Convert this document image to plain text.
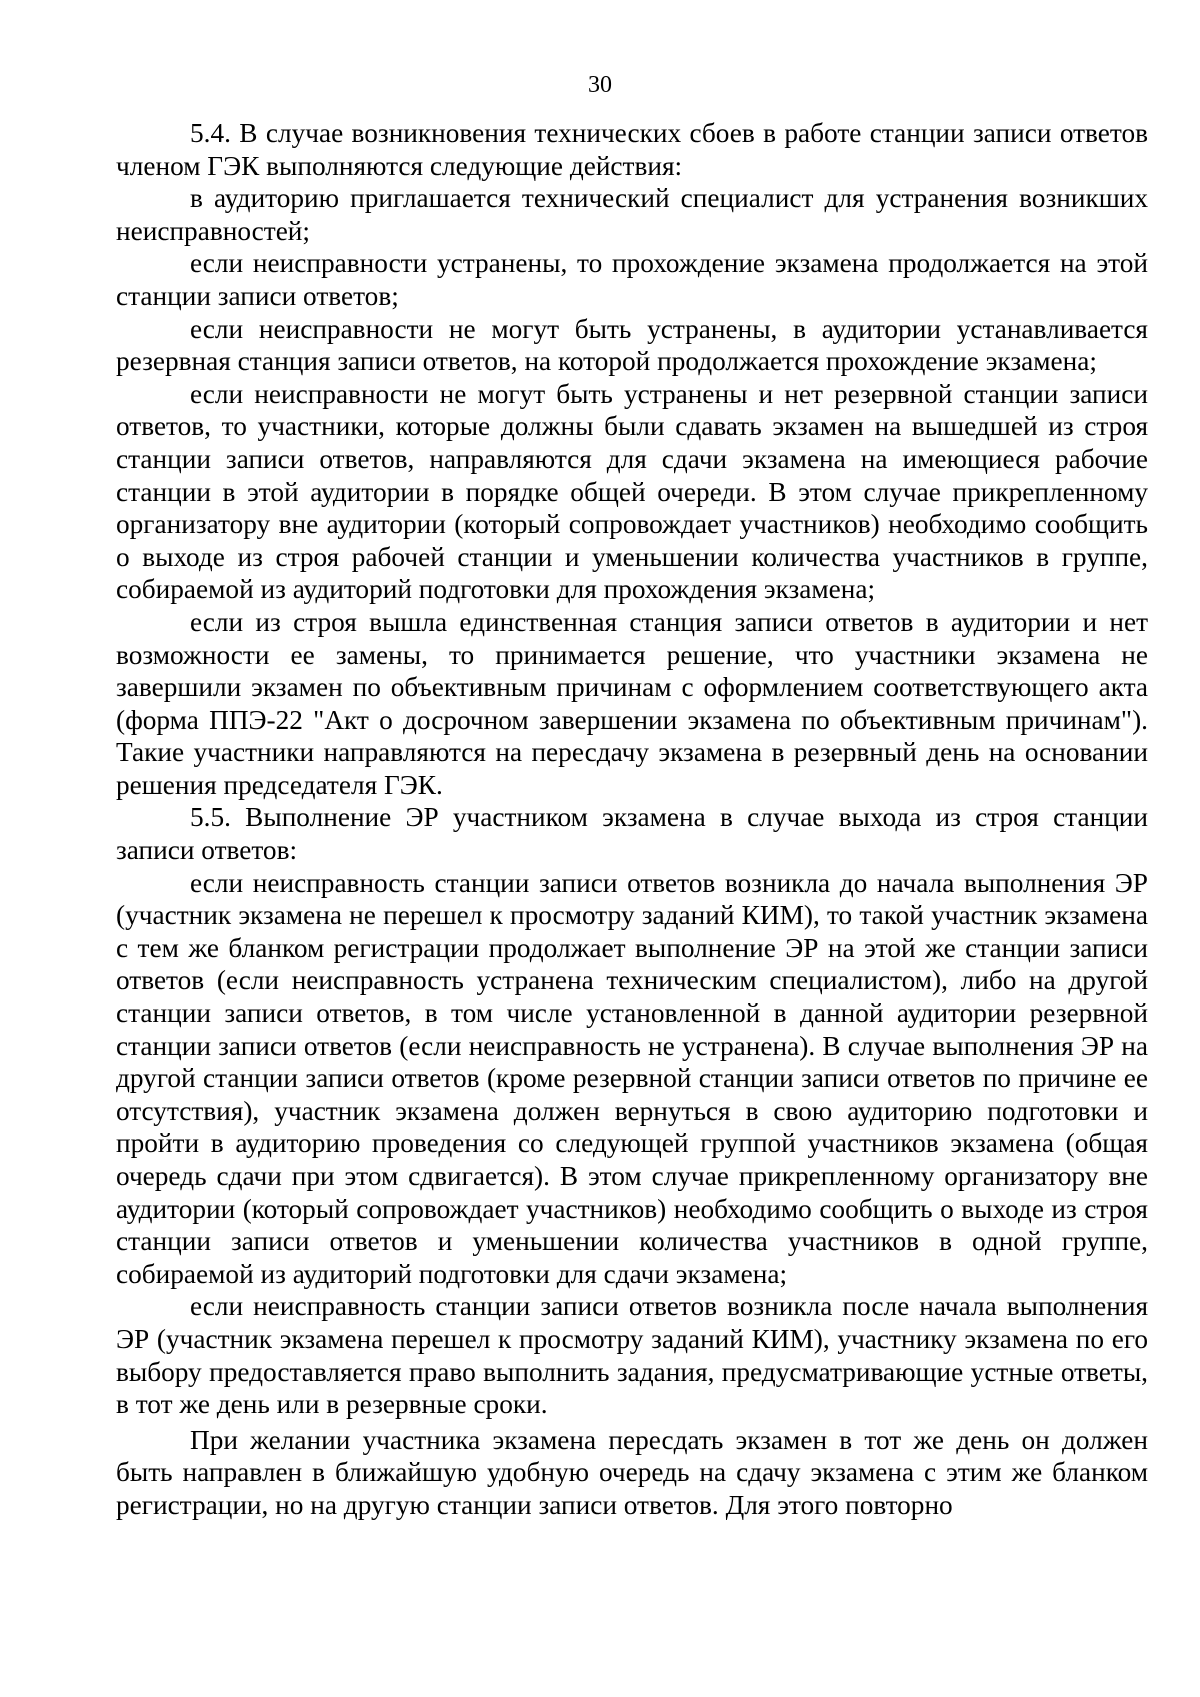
30

5.4. В случае возникновения технических сбоев в работе станции записи ответов членом ГЭК выполняются следующие действия:

в аудиторию приглашается технический специалист для устранения возникших неисправностей;

если неисправности устранены, то прохождение экзамена продолжается на этой станции записи ответов;

если неисправности не могут быть устранены, в аудитории устанавливается резервная станция записи ответов, на которой продолжается прохождение экзамена;

если неисправности не могут быть устранены и нет резервной станции записи ответов, то участники, которые должны были сдавать экзамен на вышедшей из строя станции записи ответов, направляются для сдачи экзамена на имеющиеся рабочие станции в этой аудитории в порядке общей очереди. В этом случае прикрепленному организатору вне аудитории (который сопровождает участников) необходимо сообщить о выходе из строя рабочей станции и уменьшении количества участников в группе, собираемой из аудиторий подготовки для прохождения экзамена;

если из строя вышла единственная станция записи ответов в аудитории и нет возможности ее замены, то принимается решение, что участники экзамена не завершили экзамен по объективным причинам с оформлением соответствующего акта (форма ППЭ-22 "Акт о досрочном завершении экзамена по объективным причинам"). Такие участники направляются на пересдачу экзамена в резервный день на основании решения председателя ГЭК.

5.5. Выполнение ЭР участником экзамена в случае выхода из строя станции записи ответов:

если неисправность станции записи ответов возникла до начала выполнения ЭР (участник экзамена не перешел к просмотру заданий КИМ), то такой участник экзамена с тем же бланком регистрации продолжает выполнение ЭР на этой же станции записи ответов (если неисправность устранена техническим специалистом), либо на другой станции записи ответов, в том числе установленной в данной аудитории резервной станции записи ответов (если неисправность не устранена). В случае выполнения ЭР на другой станции записи ответов (кроме резервной станции записи ответов по причине ее отсутствия), участник экзамена должен вернуться в свою аудиторию подготовки и пройти в аудиторию проведения со следующей группой участников экзамена (общая очередь сдачи при этом сдвигается). В этом случае прикрепленному организатору вне аудитории (который сопровождает участников) необходимо сообщить о выходе из строя станции записи ответов и уменьшении количества участников в одной группе, собираемой из аудиторий подготовки для сдачи экзамена;

если неисправность станции записи ответов возникла после начала выполнения ЭР (участник экзамена перешел к просмотру заданий КИМ), участнику экзамена по его выбору предоставляется право выполнить задания, предусматривающие устные ответы, в тот же день или в резервные сроки.

При желании участника экзамена пересдать экзамен в тот же день он должен быть направлен в ближайшую удобную очередь на сдачу экзамена с этим же бланком регистрации, но на другую станции записи ответов. Для этого повторно
